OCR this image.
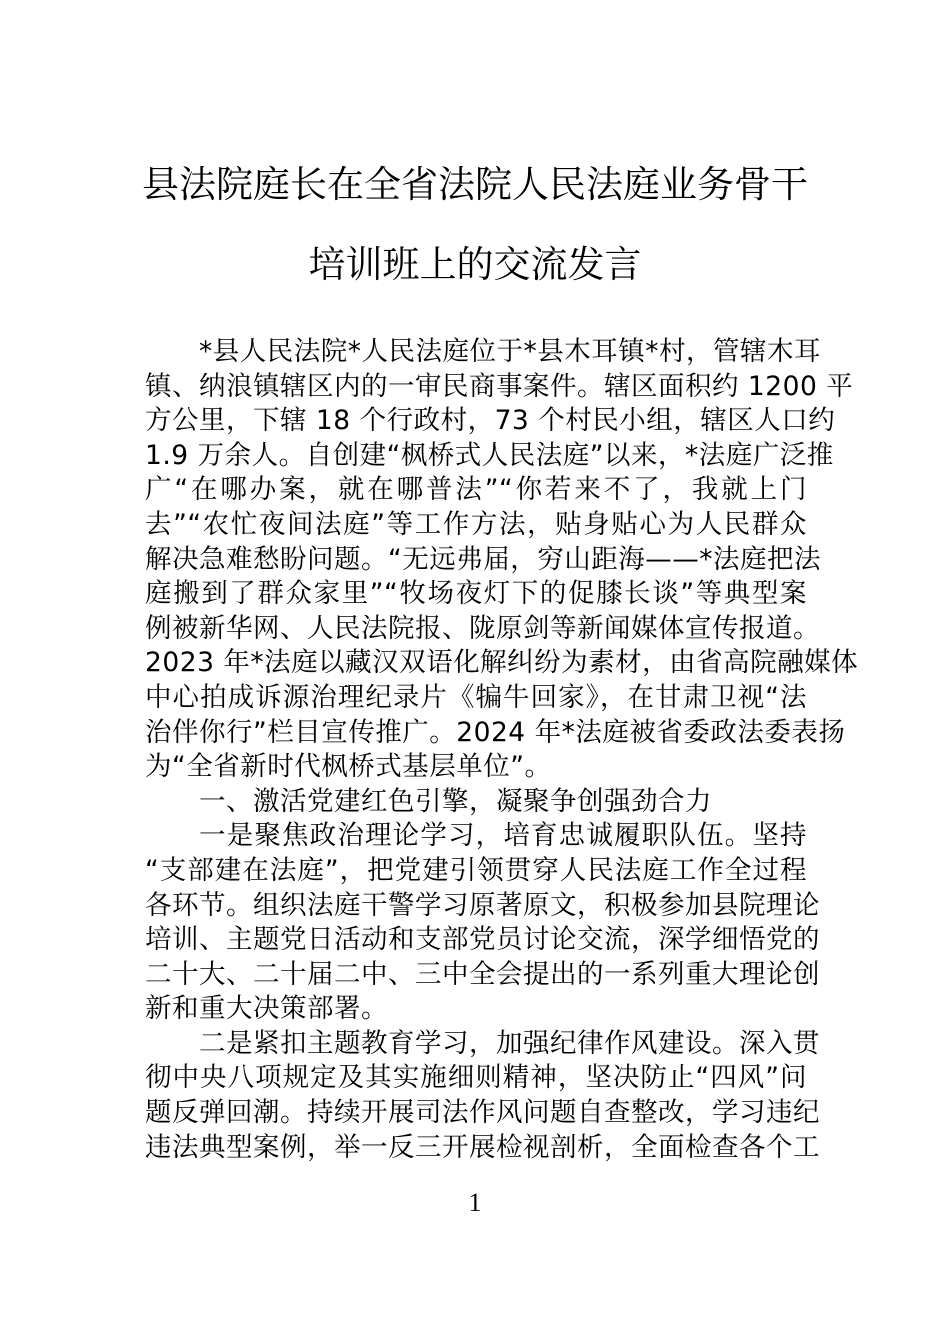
县法院庭长在全省法院人民法庭业务骨干
培训班上的交流发言
*县人民法院*人民法庭位于*县木耳镇*村，管辖木耳
镇、纳浪镇辖区内的一审民商事案件。辖区面积约 1200 平
方公里，下辖 18 个行政村，73 个村民小组，辖区人口约
1.9 万余人。自创建“枫桥式人民法庭”以来，*法庭广泛推
广“在哪办案，就在哪普法”“你若来不了，我就上门
去”“农忙夜间法庭”等工作方法，贴身贴心为人民群众
解决急难愁盼问题。“无远弗届，穷山距海——*法庭把法
庭搬到了群众家里”“牧场夜灯下的促膝长谈”等典型案
例被新华网、人民法院报、陇原剑等新闻媒体宣传报道。
2023 年*法庭以藏汉双语化解纠纷为素材，由省高院融媒体
中心拍成诉源治理纪录片《犏牛回家》，在甘肃卫视“法
治伴你行”栏目宣传推广。2024 年*法庭被省委政法委表扬
为“全省新时代枫桥式基层单位”。
一、激活党建红色引擎，凝聚争创强劲合力
一是聚焦政治理论学习，培育忠诚履职队伍。坚持
“支部建在法庭”，把党建引领贯穿人民法庭工作全过程
各环节。组织法庭干警学习原著原文，积极参加县院理论
培训、主题党日活动和支部党员讨论交流，深学细悟党的
二十大、二十届二中、三中全会提出的一系列重大理论创
新和重大决策部署。
二是紧扣主题教育学习，加强纪律作风建设。深入贯
彻中央八项规定及其实施细则精神，坚决防止“四风”问
题反弹回潮。持续开展司法作风问题自查整改，学习违纪
违法典型案例，举一反三开展检视剖析，全面检查各个工
1
